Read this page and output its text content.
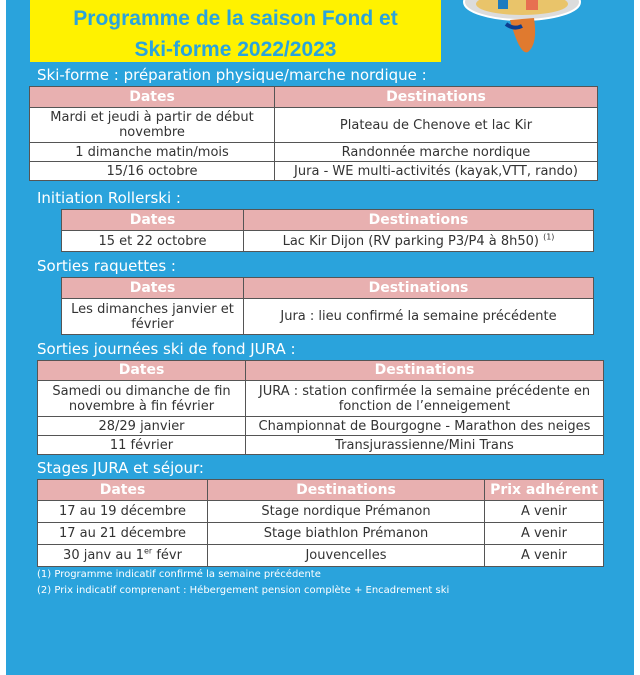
Programme de la saison Fond et
Ski-forme 2022/2023
Ski-forme : préparation physique/marche nordique :
Dates	Destinations
Mardi et jeudi à partir de début novembre	Plateau de Chenove et lac Kir
1 dimanche matin/mois	Randonnée marche nordique
15/16 octobre	Jura - WE multi-activités (kayak,VTT, rando)
Initiation Rollerski :
Dates	Destinations
15 et 22 octobre	Lac Kir Dijon (RV parking P3/P4 à 8h50) $^{(1)}$
Sorties raquettes :
Dates	Destinations
Les dimanches janvier et février	Jura : lieu confirmé la semaine précédente
Sorties journées ski de fond JURA :
Dates	Destinations
Samedi ou dimanche de fin novembre à fin février	JURA : station confirmée la semaine précédente en fonction de l’enneigement
28/29 janvier	Championnat de Bourgogne - Marathon des neiges
11 février	Transjurassienne/Mini Trans
Stages JURA et séjour:
Dates	Destinations	Prix adhérent
17 au 19 décembre	Stage nordique Prémanon	A venir
17 au 21 décembre	Stage biathlon Prémanon	A venir
30 janv au 1er févr	Jouvencelles	A venir
(1) Programme indicatif confirmé la semaine précédente
(2) Prix indicatif comprenant : Hébergement pension complète + Encadrement ski
